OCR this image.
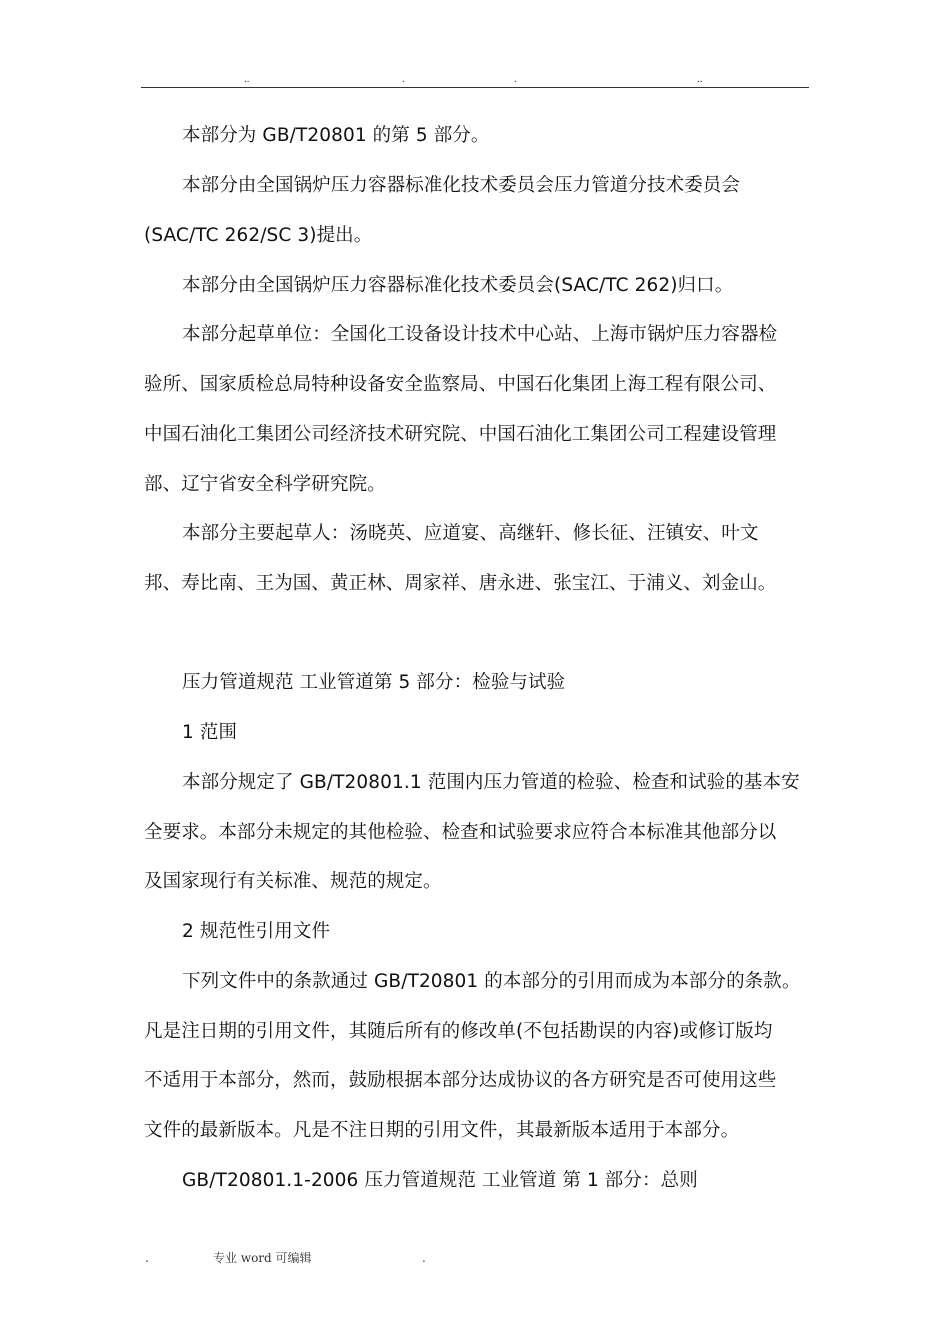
..	.	.	..
本部分为 GB/T20801 的第 5 部分。
本部分由全国锅炉压力容器标准化技术委员会压力管道分技术委员会
(SAC/TC 262/SC 3)提出。
本部分由全国锅炉压力容器标准化技术委员会(SAC/TC 262)归口。
本部分起草单位：全国化工设备设计技术中心站、上海市锅炉压力容器检
验所、国家质检总局特种设备安全监察局、中国石化集团上海工程有限公司、
中国石油化工集团公司经济技术研究院、中国石油化工集团公司工程建设管理
部、辽宁省安全科学研究院。
本部分主要起草人：汤晓英、应道宴、高继轩、修长征、汪镇安、叶文
邦、寿比南、王为国、黄正林、周家祥、唐永进、张宝江、于浦义、刘金山。
压力管道规范 工业管道第 5 部分：检验与试验
1 范围
本部分规定了 GB/T20801.1 范围内压力管道的检验、检查和试验的基本安
全要求。本部分未规定的其他检验、检查和试验要求应符合本标准其他部分以
及国家现行有关标准、规范的规定。
2 规范性引用文件
下列文件中的条款通过 GB/T20801 的本部分的引用而成为本部分的条款。
凡是注日期的引用文件，其随后所有的修改单(不包括勘误的内容)或修订版均
不适用于本部分，然而，鼓励根据本部分达成协议的各方研究是否可使用这些
文件的最新版本。凡是不注日期的引用文件，其最新版本适用于本部分。
GB/T20801.1-2006 压力管道规范 工业管道 第 1 部分：总则
.	专业 word 可编辑	.
